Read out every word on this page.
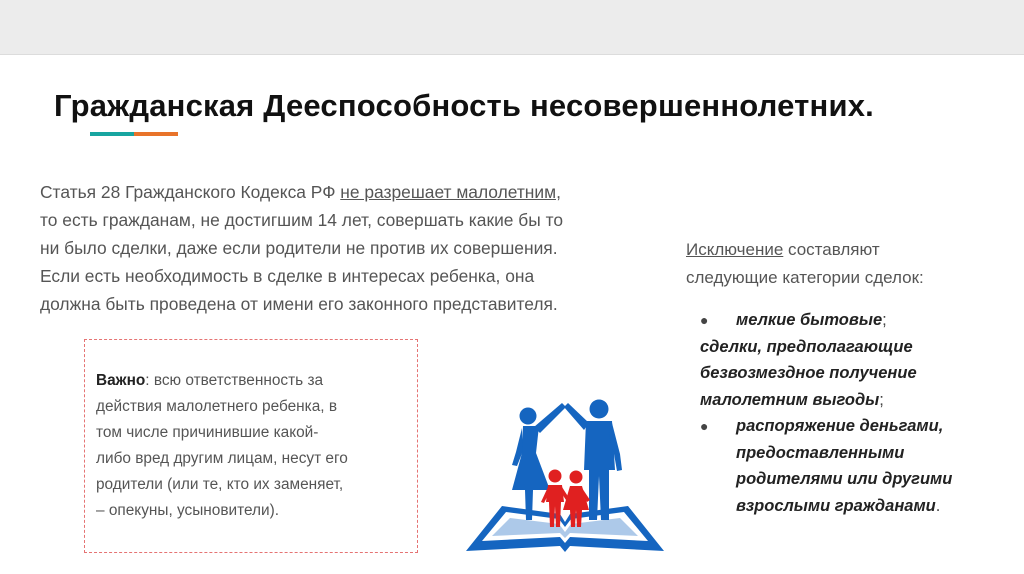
Гражданская Дееспособность несовершеннолетних.
Статья 28 Гражданского Кодекса РФ не разрешает малолетним,
то есть гражданам, не достигшим 14 лет, совершать какие бы то
ни было сделки, даже если родители не против их совершения.
Если есть необходимость в сделке в интересах ребенка, она
должна быть проведена от имени его законного представителя.
Важно: всю ответственность за
действия малолетнего ребенка, в
том числе причинившие какой-
либо вред другим лицам, несут его
родители (или те, кто их заменяет,
– опекуны, усыновители).
Исключение составляют
следующие категории сделок:
● мелкие бытовые;
сделки, предполагающие
безвозмездное получение
малолетним выгоды;
● распоряжение деньгами,
предоставленными
родителями или другими
взрослыми гражданами.
